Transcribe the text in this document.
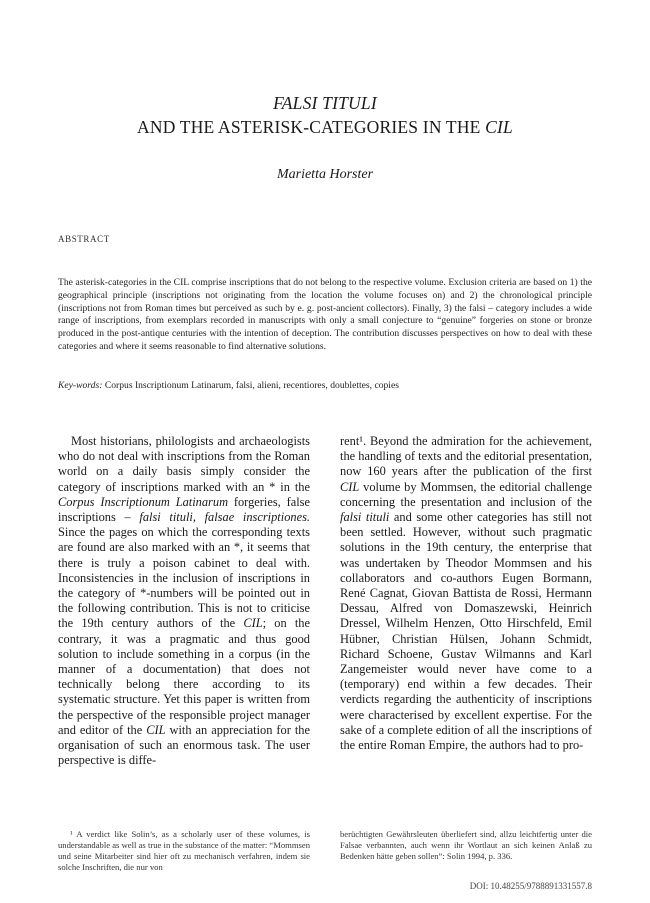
FALSI TITULI
AND THE ASTERISK-CATEGORIES IN THE CIL
Marietta Horster
ABSTRACT

The asterisk-categories in the CIL comprise inscriptions that do not belong to the respective volume. Exclusion criteria are based on 1) the geographical principle (inscriptions not originating from the location the volume focuses on) and 2) the chronological principle (inscriptions not from Roman times but perceived as such by e. g. post-ancient collectors). Finally, 3) the falsi – category includes a wide range of inscriptions, from exemplars recorded in manuscripts with only a small conjecture to “genuine” forgeries on stone or bronze produced in the post-antique centuries with the intention of deception. The contribution discusses perspectives on how to deal with these categories and where it seems reasonable to find alternative solutions.

Key-words: Corpus Inscriptionum Latinarum, falsi, alieni, recentiores, doublettes, copies

Most historians, philologists and archaeologists who do not deal with inscriptions from the Roman world on a daily basis simply consider the category of inscriptions marked with an * in the Corpus Inscriptionum Latinarum forgeries, false inscriptions – falsi tituli, falsae inscriptiones. Since the pages on which the corresponding texts are found are also marked with an *, it seems that there is truly a poison cabinet to deal with. Inconsistencies in the inclusion of inscriptions in the category of *-numbers will be pointed out in the following contribution. This is not to criticise the 19th century authors of the CIL; on the contrary, it was a pragmatic and thus good solution to include something in a corpus (in the manner of a documentation) that does not technically belong there according to its systematic structure. Yet this paper is written from the perspective of the responsible project manager and editor of the CIL with an appreciation for the organisation of such an enormous task. The user perspective is diffe-

rent¹. Beyond the admiration for the achievement, the handling of texts and the editorial presentation, now 160 years after the publication of the first CIL volume by Mommsen, the editorial challenge concerning the presentation and inclusion of the falsi tituli and some other categories has still not been settled. However, without such pragmatic solutions in the 19th century, the enterprise that was undertaken by Theodor Mommsen and his collaborators and co-authors Eugen Bormann, René Cagnat, Giovan Battista de Rossi, Hermann Dessau, Alfred von Domaszewski, Heinrich Dressel, Wilhelm Henzen, Otto Hirschfeld, Emil Hübner, Christian Hülsen, Johann Schmidt, Richard Schoene, Gustav Wilmanns and Karl Zangemeister would never have come to a (temporary) end within a few decades. Their verdicts regarding the authenticity of inscriptions were characterised by excellent expertise. For the sake of a complete edition of all the inscriptions of the entire Roman Empire, the authors had to pro-

¹ A verdict like Solin’s, as a scholarly user of these volumes, is understandable as well as true in the substance of the matter: “Mommsen und seine Mitarbeiter sind hier oft zu mechanisch verfahren, indem sie solche Inschriften, die nur von

berüchtigten Gewährsleuten überliefert sind, allzu leichtfertig unter die Falsae verbannten, auch wenn ihr Wortlaut an sich keinen Anlaß zu Bedenken hätte geben sollen”: Solin 1994, p. 336.

DOI: 10.48255/9788891331557.8
